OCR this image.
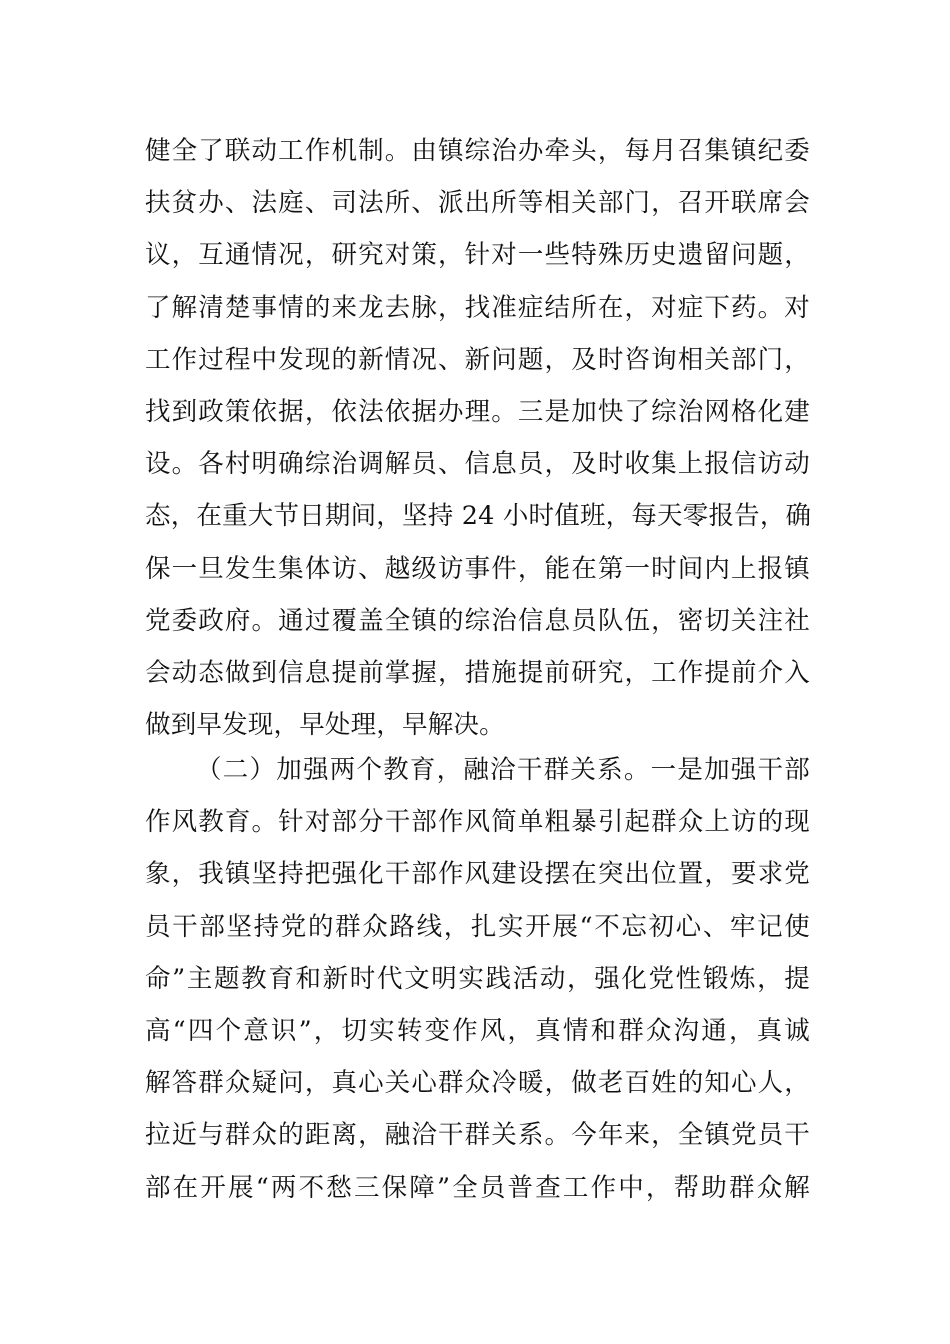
健全了联动工作机制。由镇综治办牵头，每月召集镇纪委
扶贫办、法庭、司法所、派出所等相关部门，召开联席会
议，互通情况，研究对策，针对一些特殊历史遗留问题，
了解清楚事情的来龙去脉，找准症结所在，对症下药。对
工作过程中发现的新情况、新问题，及时咨询相关部门，
找到政策依据，依法依据办理。三是加快了综治网格化建
设。各村明确综治调解员、信息员，及时收集上报信访动
态，在重大节日期间，坚持 24 小时值班，每天零报告，确
保一旦发生集体访、越级访事件，能在第一时间内上报镇
党委政府。通过覆盖全镇的综治信息员队伍，密切关注社
会动态做到信息提前掌握，措施提前研究，工作提前介入
做到早发现，早处理，早解决。
（二）加强两个教育，融洽干群关系。一是加强干部
作风教育。针对部分干部作风简单粗暴引起群众上访的现
象，我镇坚持把强化干部作风建设摆在突出位置，要求党
员干部坚持党的群众路线，扎实开展“不忘初心、牢记使
命”主题教育和新时代文明实践活动，强化党性锻炼，提
高“四个意识”，切实转变作风，真情和群众沟通，真诚
解答群众疑问，真心关心群众冷暖，做老百姓的知心人，
拉近与群众的距离，融洽干群关系。今年来，全镇党员干
部在开展“两不愁三保障”全员普查工作中，帮助群众解
